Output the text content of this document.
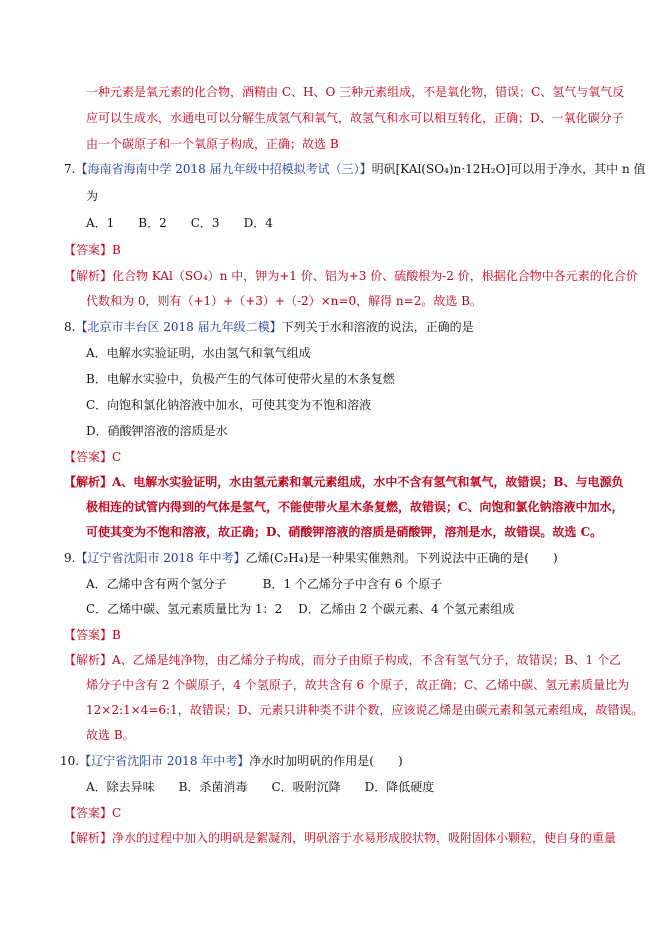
一种元素是氧元素的化合物，酒精由 C、H、O 三种元素组成，不是氧化物，错误；C、氢气与氧气反
应可以生成水，水通电可以分解生成氢气和氧气，故氢气和水可以相互转化，正确；D、一氧化碳分子
由一个碳原子和一个氧原子构成，正确；故选 B
7.【海南省海南中学 2018 届九年级中招模拟考试（三）】明矾[KAl(SO₄)n·12H₂O]可以用于净水，其中 n 值
为
A．1　　B．2　　C．3　　D．4
【答案】B
【解析】化合物 KAl（SO₄）n 中，钾为+1 价、铝为+3 价、硫酸根为-2 价，根据化合物中各元素的化合价
代数和为 0，则有（+1）+（+3）+（-2）×n=0，解得 n=2。故选 B。
8.【北京市丰台区 2018 届九年级二模】下列关于水和溶液的说法，正确的是
A．电解水实验证明，水由氢气和氧气组成
B．电解水实验中，负极产生的气体可使带火星的木条复燃
C．向饱和氯化钠溶液中加水，可使其变为不饱和溶液
D．硝酸钾溶液的溶质是水
【答案】C
【解析】A、电解水实验证明，水由氢元素和氧元素组成，水中不含有氢气和氧气，故错误；B、与电源负
极相连的试管内得到的气体是氢气，不能使带火星木条复燃，故错误；C、向饱和氯化钠溶液中加水，
可使其变为不饱和溶液，故正确；D、硝酸钾溶液的溶质是硝酸钾，溶剂是水，故错误。故选 C。
9.【辽宁省沈阳市 2018 年中考】乙烯(C₂H₄)是一种果实催熟剂。下列说法中正确的是(　　)
A．乙烯中含有两个氢分子　　　B．1 个乙烯分子中含有 6 个原子
C．乙烯中碳、氢元素质量比为 1：2　 D．乙烯由 2 个碳元素、4 个氢元素组成
【答案】B
【解析】A、乙烯是纯净物，由乙烯分子构成，而分子由原子构成，不含有氢气分子，故错误；B、1 个乙
烯分子中含有 2 个碳原子，4 个氢原子，故共含有 6 个原子，故正确；C、乙烯中碳、氢元素质量比为
12×2:1×4=6:1，故错误；D、元素只讲种类不讲个数，应该说乙烯是由碳元素和氢元素组成，故错误。
故选 B。
10.【辽宁省沈阳市 2018 年中考】净水时加明矾的作用是(　　)
A．除去异味　　B．杀菌消毒　　C．吸附沉降　　D．降低硬度
【答案】C
【解析】净水的过程中加入的明矾是絮凝剂，明矾溶于水易形成胶状物，吸附固体小颗粒，使自身的重量
